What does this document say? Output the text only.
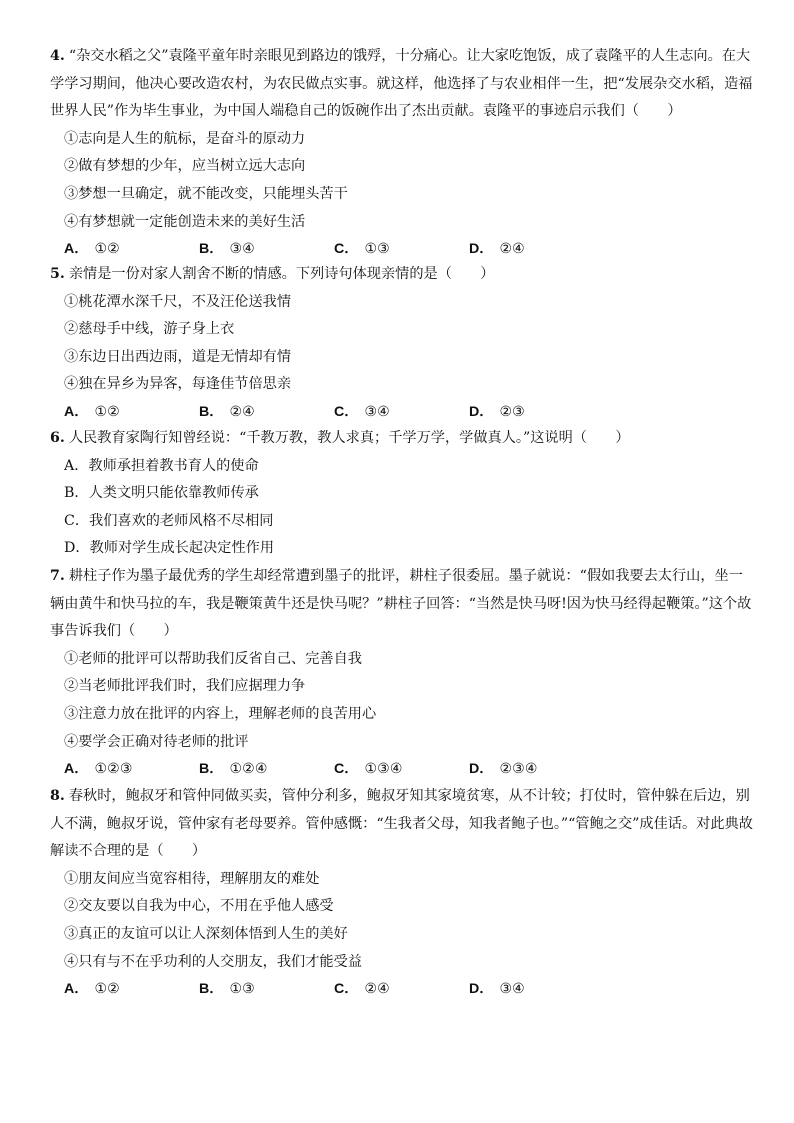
4. “杂交水稻之父”袁隆平童年时亲眼见到路边的饿殍，十分痛心。让大家吃饱饭，成了袁隆平的人生志向。在大学学习期间，他决心要改造农村，为农民做点实事。就这样，他选择了与农业相伴一生，把“发展杂交水稻，造福世界人民”作为毕生事业，为中国人端稳自己的饭碗作出了杰出贡献。袁隆平的事迹启示我们（　　）

①志向是人生的航标，是奋斗的原动力
②做有梦想的少年，应当树立远大志向
③梦想一旦确定，就不能改变，只能埋头苦干
④有梦想就一定能创造未来的美好生活
A． ①②	B． ③④	C． ①③	D． ②④

5. 亲情是一份对家人割舍不断的情感。下列诗句体现亲情的是（　　）

①桃花潭水深千尺，不及汪伦送我情
②慈母手中线，游子身上衣
③东边日出西边雨，道是无情却有情
④独在异乡为异客，每逢佳节倍思亲
A． ①②	B． ②④	C． ③④	D． ②③

6. 人民教育家陶行知曾经说：“千教万教，教人求真；千学万学，学做真人。”这说明（　　）

A．教师承担着教书育人的使命
B．人类文明只能依靠教师传承
C．我们喜欢的老师风格不尽相同
D．教师对学生成长起决定性作用

7. 耕柱子作为墨子最优秀的学生却经常遭到墨子的批评，耕柱子很委屈。墨子就说：“假如我要去太行山，坐一辆由黄牛和快马拉的车，我是鞭策黄牛还是快马呢？”耕柱子回答：“当然是快马呀!因为快马经得起鞭策。”这个故事告诉我们（　　）

①老师的批评可以帮助我们反省自己、完善自我
②当老师批评我们时，我们应据理力争
③注意力放在批评的内容上，理解老师的良苦用心
④要学会正确对待老师的批评
A． ①②③	B． ①②④	C． ①③④	D． ②③④

8. 春秋时，鲍叔牙和管仲同做买卖，管仲分利多，鲍叔牙知其家境贫寒，从不计较；打仗时，管仲躲在后边，别人不满，鲍叔牙说，管仲家有老母要养。管仲感慨：“生我者父母，知我者鲍子也。”“管鲍之交”成佳话。对此典故解读不合理的是（　　）

①朋友间应当宽容相待，理解朋友的难处
②交友要以自我为中心，不用在乎他人感受
③真正的友谊可以让人深刻体悟到人生的美好
④只有与不在乎功利的人交朋友，我们才能受益
A． ①②	B． ①③	C． ②④	D． ③④
